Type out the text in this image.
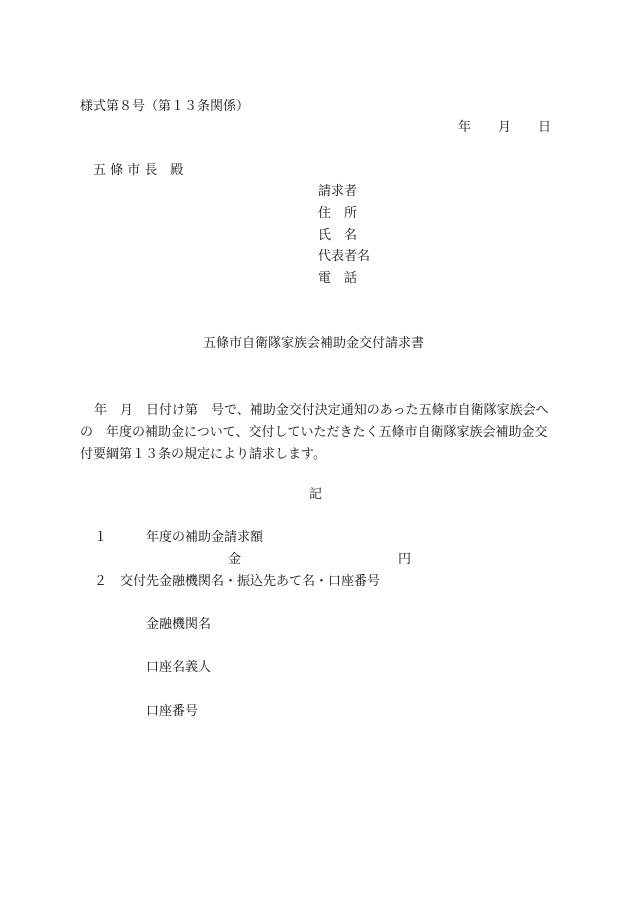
様式第８号（第１３条関係）
年 月 日
五 條 市 長　殿
請求者
住　所
氏　名
代表者名
電　話
五條市自衛隊家族会補助金交付請求書
年　月　日付け第　号で、補助金交付決定通知のあった五條市自衛隊家族会への　年度の補助金について、交付していただきたく五條市自衛隊家族会補助金交付要綱第１３条の規定により請求します。
記
１	年度の補助金請求額
金	円
２ 交付先金融機関名・振込先あて名・口座番号
金融機関名
口座名義人
口座番号
